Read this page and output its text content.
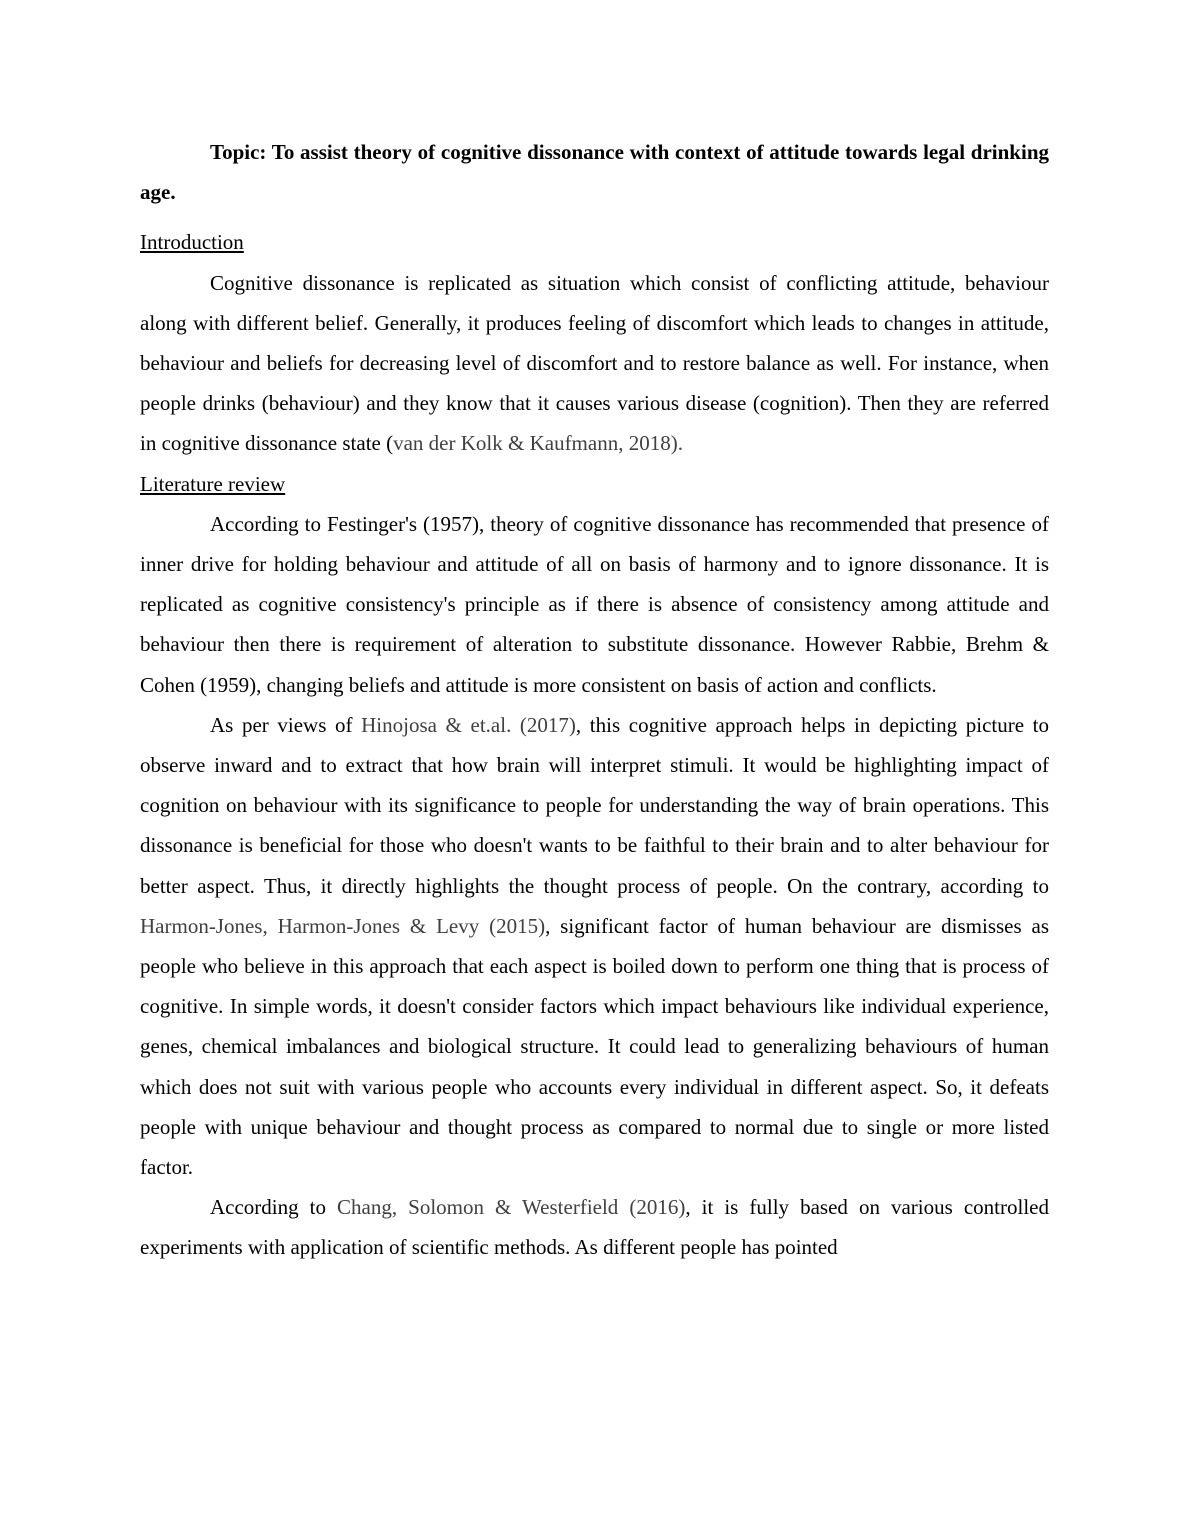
Topic: To assist theory of cognitive dissonance with context of attitude towards legal drinking age.

Introduction

Cognitive dissonance is replicated as situation which consist of conflicting attitude, behaviour along with different belief. Generally, it produces feeling of discomfort which leads to changes in attitude, behaviour and beliefs for decreasing level of discomfort and to restore balance as well. For instance, when people drinks (behaviour) and they know that it causes various disease (cognition). Then they are referred in cognitive dissonance state (van der Kolk & Kaufmann, 2018).

Literature review

According to Festinger's (1957), theory of cognitive dissonance has recommended that presence of inner drive for holding behaviour and attitude of all on basis of harmony and to ignore dissonance. It is replicated as cognitive consistency's principle as if there is absence of consistency among attitude and behaviour then there is requirement of alteration to substitute dissonance. However Rabbie, Brehm & Cohen (1959), changing beliefs and attitude is more consistent on basis of action and conflicts.

As per views of Hinojosa & et.al. (2017), this cognitive approach helps in depicting picture to observe inward and to extract that how brain will interpret stimuli. It would be highlighting impact of cognition on behaviour with its significance to people for understanding the way of brain operations. This dissonance is beneficial for those who doesn't wants to be faithful to their brain and to alter behaviour for better aspect. Thus, it directly highlights the thought process of people. On the contrary, according to Harmon-Jones, Harmon-Jones & Levy (2015), significant factor of human behaviour are dismisses as people who believe in this approach that each aspect is boiled down to perform one thing that is process of cognitive. In simple words, it doesn't consider factors which impact behaviours like individual experience, genes, chemical imbalances and biological structure. It could lead to generalizing behaviours of human which does not suit with various people who accounts every individual in different aspect. So, it defeats people with unique behaviour and thought process as compared to normal due to single or more listed factor.

According to Chang, Solomon & Westerfield (2016), it is fully based on various controlled experiments with application of scientific methods. As different people has pointed
